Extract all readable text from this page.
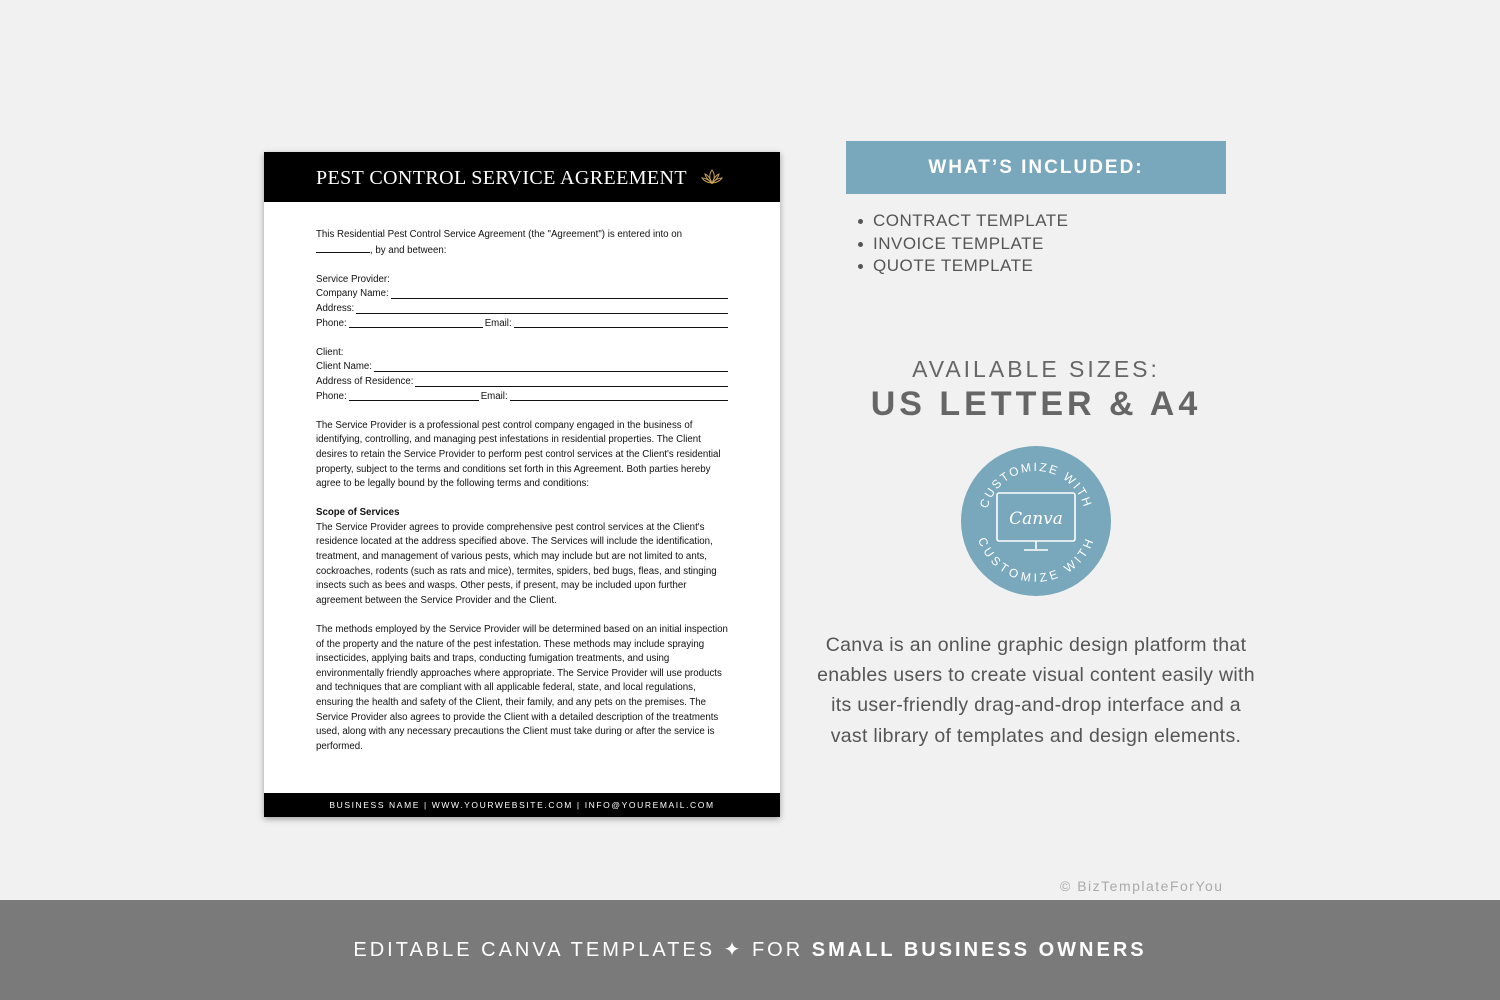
PEST CONTROL SERVICE AGREEMENT

This Residential Pest Control Service Agreement (the "Agreement") is entered into on
, by and between:

Service Provider:

Company Name:
Address:
Phone:	Email:

Client:

Client Name:
Address of Residence:
Phone:	Email:

The Service Provider is a professional pest control company engaged in the business of identifying, controlling, and managing pest infestations in residential properties. The Client desires to retain the Service Provider to perform pest control services at the Client's residential property, subject to the terms and conditions set forth in this Agreement. Both parties hereby agree to be legally bound by the following terms and conditions:

Scope of Services

The Service Provider agrees to provide comprehensive pest control services at the Client's residence located at the address specified above. The Services will include the identification, treatment, and management of various pests, which may include but are not limited to ants, cockroaches, rodents (such as rats and mice), termites, spiders, bed bugs, fleas, and stinging insects such as bees and wasps. Other pests, if present, may be included upon further agreement between the Service Provider and the Client.

The methods employed by the Service Provider will be determined based on an initial inspection of the property and the nature of the pest infestation. These methods may include spraying insecticides, applying baits and traps, conducting fumigation treatments, and using environmentally friendly approaches where appropriate. The Service Provider will use products and techniques that are compliant with all applicable federal, state, and local regulations, ensuring the health and safety of the Client, their family, and any pets on the premises. The Service Provider also agrees to provide the Client with a detailed description of the treatments used, along with any necessary precautions the Client must take during or after the service is performed.

BUSINESS NAME | WWW.YOURWEBSITE.COM | INFO@YOUREMAIL.COM
WHAT’S INCLUDED:
CONTRACT TEMPLATE
INVOICE TEMPLATE
QUOTE TEMPLATE
AVAILABLE SIZES:
US LETTER & A4
CUSTOMIZE WITH
CUSTOMIZE WITH
Canva
Canva is an online graphic design platform that enables users to create visual content easily with its user-friendly drag-and-drop interface and a vast library of templates and design elements.
© BizTemplateForYou
EDITABLE CANVA TEMPLATES ✦ FOR SMALL BUSINESS OWNERS
